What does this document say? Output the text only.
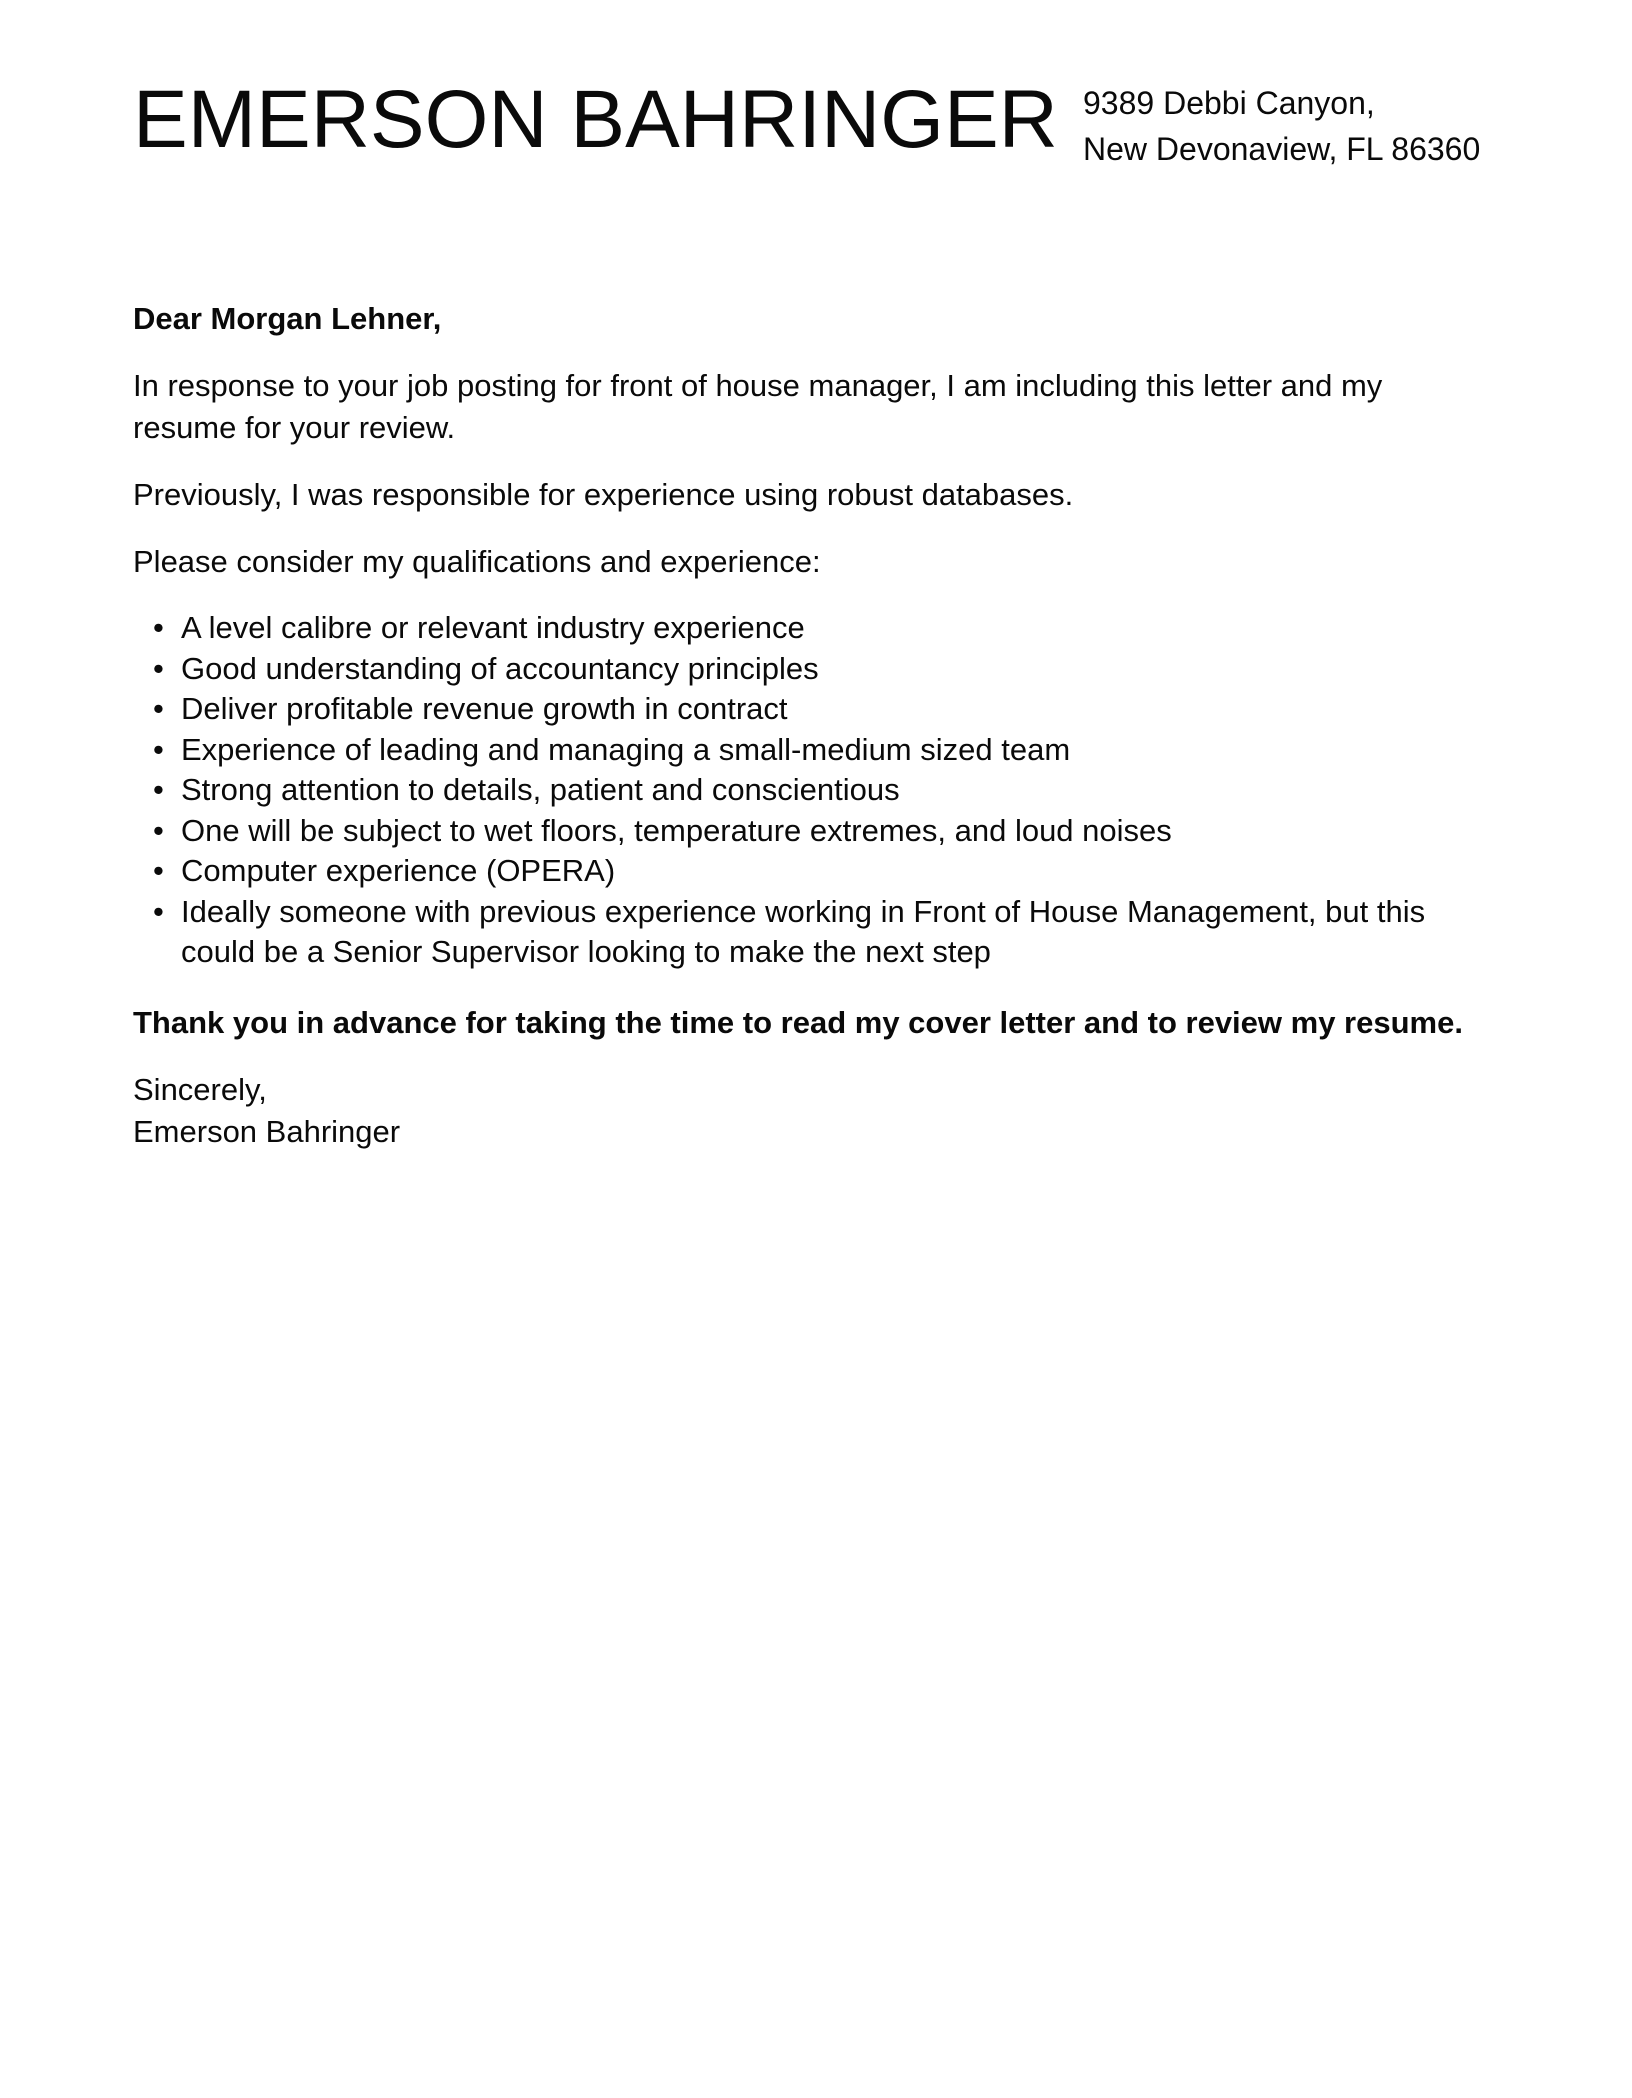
EMERSON BAHRINGER 9389 Debbi Canyon,
New Devonaview, FL 86360

Dear Morgan Lehner,

In response to your job posting for front of house manager, I am including this letter and my resume for your review.

Previously, I was responsible for experience using robust databases.

Please consider my qualifications and experience:

• A level calibre or relevant industry experience
• Good understanding of accountancy principles
• Deliver profitable revenue growth in contract
• Experience of leading and managing a small-medium sized team
• Strong attention to details, patient and conscientious
• One will be subject to wet floors, temperature extremes, and loud noises
• Computer experience (OPERA)
• Ideally someone with previous experience working in Front of House Management, but this could be a Senior Supervisor looking to make the next step

Thank you in advance for taking the time to read my cover letter and to review my resume.

Sincerely,
Emerson Bahringer
